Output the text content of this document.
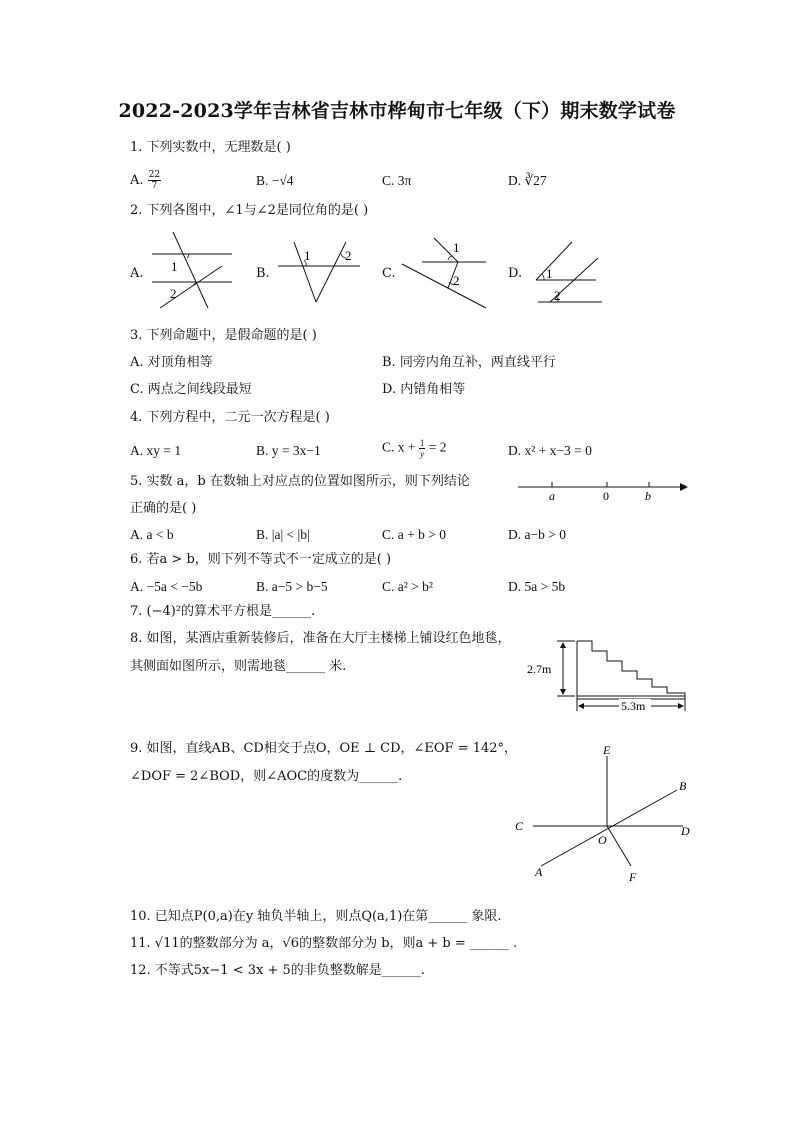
2022-2023学年吉林省吉林市桦甸市七年级（下）期末数学试卷
1. 下列实数中，无理数是( )
A. $\frac{22}{7}$	B. −√4	C. 3π	D. ∛27
2. 下列各图中，∠1与∠2是同位角的是( )
A.	B.	C.	D.
1
2
1	2
1
2	1
2
3. 下列命题中，是假命题的是( )
A. 对顶角相等	B. 同旁内角互补，两直线平行
C. 两点之间线段最短	D. 内错角相等
4. 下列方程中，二元一次方程是( )
A. xy = 1	B. y = 3x−1	C. $x + \frac{1}{y} = 2$	D. x² + x−3 = 0
5. 实数 a，b 在数轴上对应点的位置如图所示，则下列结论
正确的是( )
a	0	b
A. a < b	B. |a| < |b|	C. a + b > 0	D. a−b > 0
6. 若a > b，则下列不等式不一定成立的是( )
A. −5a < −5b	B. a−5 > b−5	C. a² > b²	D. 5a > 5b
7. (−4)²的算术平方根是______.
8. 如图，某酒店重新装修后，准备在大厅主楼梯上铺设红色地毯，
其侧面如图所示，则需地毯______ 米.	2.7m
5.3m
9. 如图，直线AB、CD相交于点O，OE ⊥ CD，∠EOF = 142°，
∠DOF = 2∠BOD，则∠AOC的度数为______.
E
B
C	D
O
A	F
10. 已知点P(0,a)在y 轴负半轴上，则点Q(a,1)在第______ 象限.
11. √11的整数部分为 a，√6的整数部分为 b，则a + b = ______ .
12. 不等式5x−1 < 3x + 5的非负整数解是______.
